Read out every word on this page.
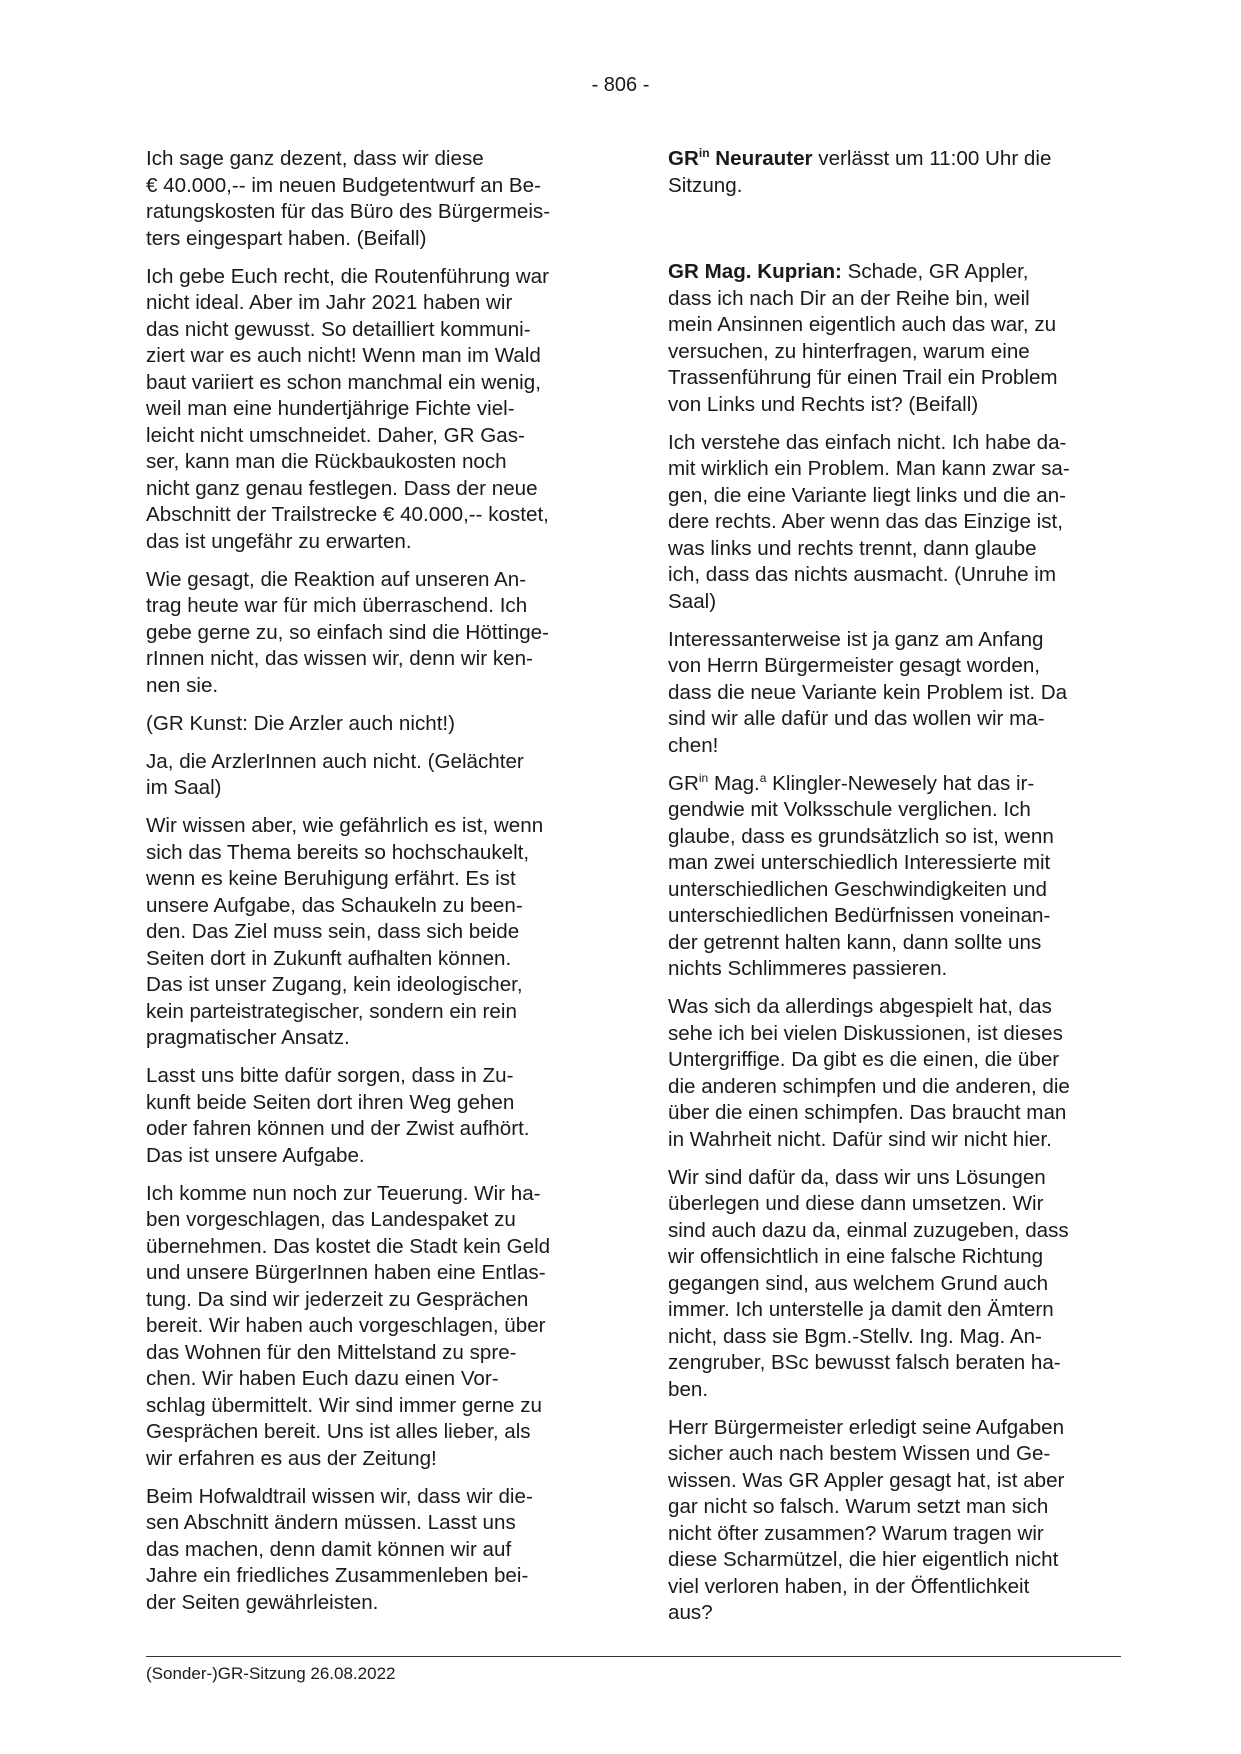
- 806 -

Ich sage ganz dezent, dass wir diese
€ 40.000,-- im neuen Budgetentwurf an Be-
ratungskosten für das Büro des Bürgermeis-
ters eingespart haben. (Beifall)

Ich gebe Euch recht, die Routenführung war
nicht ideal. Aber im Jahr 2021 haben wir
das nicht gewusst. So detailliert kommuni-
ziert war es auch nicht! Wenn man im Wald
baut variiert es schon manchmal ein wenig,
weil man eine hundertjährige Fichte viel-
leicht nicht umschneidet. Daher, GR Gas-
ser, kann man die Rückbaukosten noch
nicht ganz genau festlegen. Dass der neue
Abschnitt der Trailstrecke € 40.000,-- kostet,
das ist ungefähr zu erwarten.

Wie gesagt, die Reaktion auf unseren An-
trag heute war für mich überraschend. Ich
gebe gerne zu, so einfach sind die Höttinge-
rInnen nicht, das wissen wir, denn wir ken-
nen sie.

(GR Kunst: Die Arzler auch nicht!)

Ja, die ArzlerInnen auch nicht. (Gelächter
im Saal)

Wir wissen aber, wie gefährlich es ist, wenn
sich das Thema bereits so hochschaukelt,
wenn es keine Beruhigung erfährt. Es ist
unsere Aufgabe, das Schaukeln zu been-
den. Das Ziel muss sein, dass sich beide
Seiten dort in Zukunft aufhalten können.
Das ist unser Zugang, kein ideologischer,
kein parteistrategischer, sondern ein rein
pragmatischer Ansatz.

Lasst uns bitte dafür sorgen, dass in Zu-
kunft beide Seiten dort ihren Weg gehen
oder fahren können und der Zwist aufhört.
Das ist unsere Aufgabe.

Ich komme nun noch zur Teuerung. Wir ha-
ben vorgeschlagen, das Landespaket zu
übernehmen. Das kostet die Stadt kein Geld
und unsere BürgerInnen haben eine Entlas-
tung. Da sind wir jederzeit zu Gesprächen
bereit. Wir haben auch vorgeschlagen, über
das Wohnen für den Mittelstand zu spre-
chen. Wir haben Euch dazu einen Vor-
schlag übermittelt. Wir sind immer gerne zu
Gesprächen bereit. Uns ist alles lieber, als
wir erfahren es aus der Zeitung!

Beim Hofwaldtrail wissen wir, dass wir die-
sen Abschnitt ändern müssen. Lasst uns
das machen, denn damit können wir auf
Jahre ein friedliches Zusammenleben bei-
der Seiten gewährleisten.

$GR^{in}$ Neurauter verlässt um 11:00 Uhr die
Sitzung.

GR Mag. Kuprian: Schade, GR Appler,
dass ich nach Dir an der Reihe bin, weil
mein Ansinnen eigentlich auch das war, zu
versuchen, zu hinterfragen, warum eine
Trassenführung für einen Trail ein Problem
von Links und Rechts ist? (Beifall)

Ich verstehe das einfach nicht. Ich habe da-
mit wirklich ein Problem. Man kann zwar sa-
gen, die eine Variante liegt links und die an-
dere rechts. Aber wenn das das Einzige ist,
was links und rechts trennt, dann glaube
ich, dass das nichts ausmacht. (Unruhe im
Saal)

Interessanterweise ist ja ganz am Anfang
von Herrn Bürgermeister gesagt worden,
dass die neue Variante kein Problem ist. Da
sind wir alle dafür und das wollen wir ma-
chen!

$GR^{in}$ Mag.$^a$ Klingler-Newesely hat das ir-
gendwie mit Volksschule verglichen. Ich
glaube, dass es grundsätzlich so ist, wenn
man zwei unterschiedlich Interessierte mit
unterschiedlichen Geschwindigkeiten und
unterschiedlichen Bedürfnissen voneinan-
der getrennt halten kann, dann sollte uns
nichts Schlimmeres passieren.

Was sich da allerdings abgespielt hat, das
sehe ich bei vielen Diskussionen, ist dieses
Untergriffige. Da gibt es die einen, die über
die anderen schimpfen und die anderen, die
über die einen schimpfen. Das braucht man
in Wahrheit nicht. Dafür sind wir nicht hier.

Wir sind dafür da, dass wir uns Lösungen
überlegen und diese dann umsetzen. Wir
sind auch dazu da, einmal zuzugeben, dass
wir offensichtlich in eine falsche Richtung
gegangen sind, aus welchem Grund auch
immer. Ich unterstelle ja damit den Ämtern
nicht, dass sie Bgm.-Stellv. Ing. Mag. An-
zengruber, BSc bewusst falsch beraten ha-
ben.

Herr Bürgermeister erledigt seine Aufgaben
sicher auch nach bestem Wissen und Ge-
wissen. Was GR Appler gesagt hat, ist aber
gar nicht so falsch. Warum setzt man sich
nicht öfter zusammen? Warum tragen wir
diese Scharmützel, die hier eigentlich nicht
viel verloren haben, in der Öffentlichkeit
aus?

(Sonder-)GR-Sitzung 26.08.2022
